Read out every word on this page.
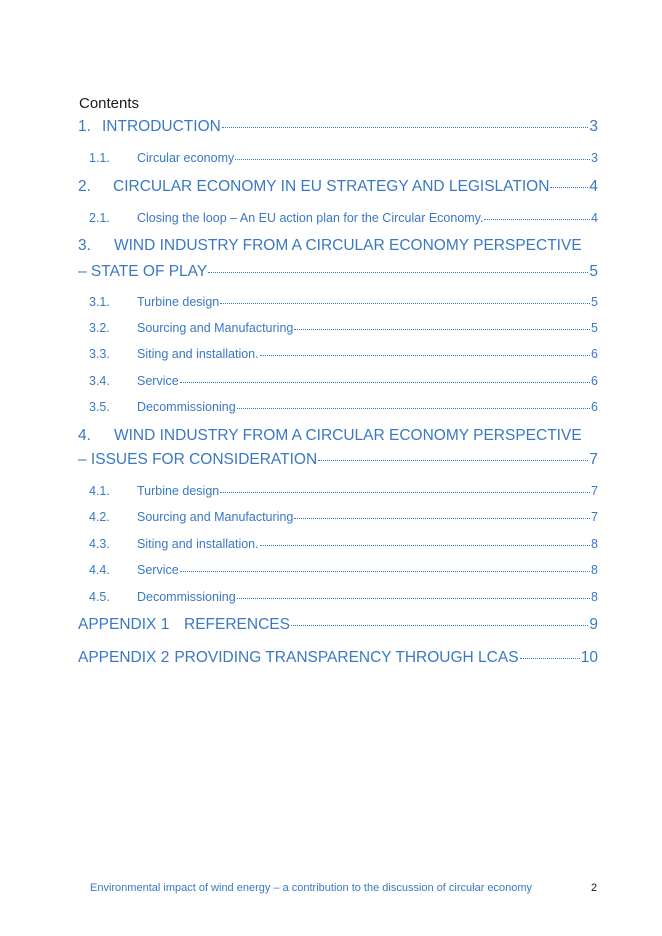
Contents
1. INTRODUCTION	3
1.1.	Circular economy	3
2.	CIRCULAR ECONOMY IN EU STRATEGY AND LEGISLATION	4
2.1.	Closing the loop – An EU action plan for the Circular Economy.	4
3.	WIND INDUSTRY FROM A CIRCULAR ECONOMY PERSPECTIVE
– STATE OF PLAY	5
3.1.	Turbine design	5
3.2.	Sourcing and Manufacturing	5
3.3.	Siting and installation.	6
3.4.	Service	6
3.5.	Decommissioning	6
4.	WIND INDUSTRY FROM A CIRCULAR ECONOMY PERSPECTIVE
– ISSUES FOR CONSIDERATION	7
4.1.	Turbine design	7
4.2.	Sourcing and Manufacturing	7
4.3.	Siting and installation.	8
4.4.	Service	8
4.5.	Decommissioning	8
APPENDIX 1 REFERENCES	9
APPENDIX 2 PROVIDING TRANSPARENCY THROUGH LCAS	10
Environmental impact of wind energy – a contribution to the discussion of circular economy	2
